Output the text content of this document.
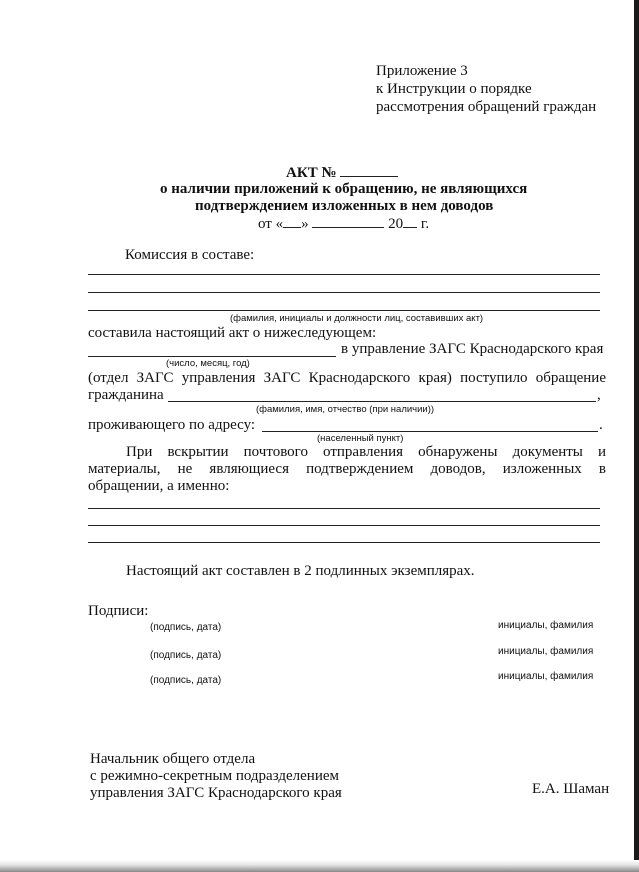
Приложение 3
к Инструкции о порядке
рассмотрения обращений граждан
АКТ №
о наличии приложений к обращению, не являющихся
подтверждением изложенных в нем доводов
от « »	20 г.
Комиссия в составе:
(фамилия, инициалы и должности лиц, составивших акт)
составила настоящий акт о нижеследующем:
в управление ЗАГС Краснодарского края
(число, месяц, год)
(отдел ЗАГС управления ЗАГС Краснодарского края) поступило обращение
гражданина	,
(фамилия, имя, отчество (при наличии))
проживающего по адресу:	.
(населенный пункт)
При вскрытии почтового отправления обнаружены документы и
материалы, не являющиеся подтверждением доводов, изложенных в
обращении, а именно:
Настоящий акт составлен в 2 подлинных экземплярах.
Подписи:
(подпись, дата)	инициалы, фамилия
(подпись, дата)	инициалы, фамилия
(подпись, дата)	инициалы, фамилия
Начальник общего отдела
с режимно-секретным подразделением
управления ЗАГС Краснодарского края	Е.А. Шаман
